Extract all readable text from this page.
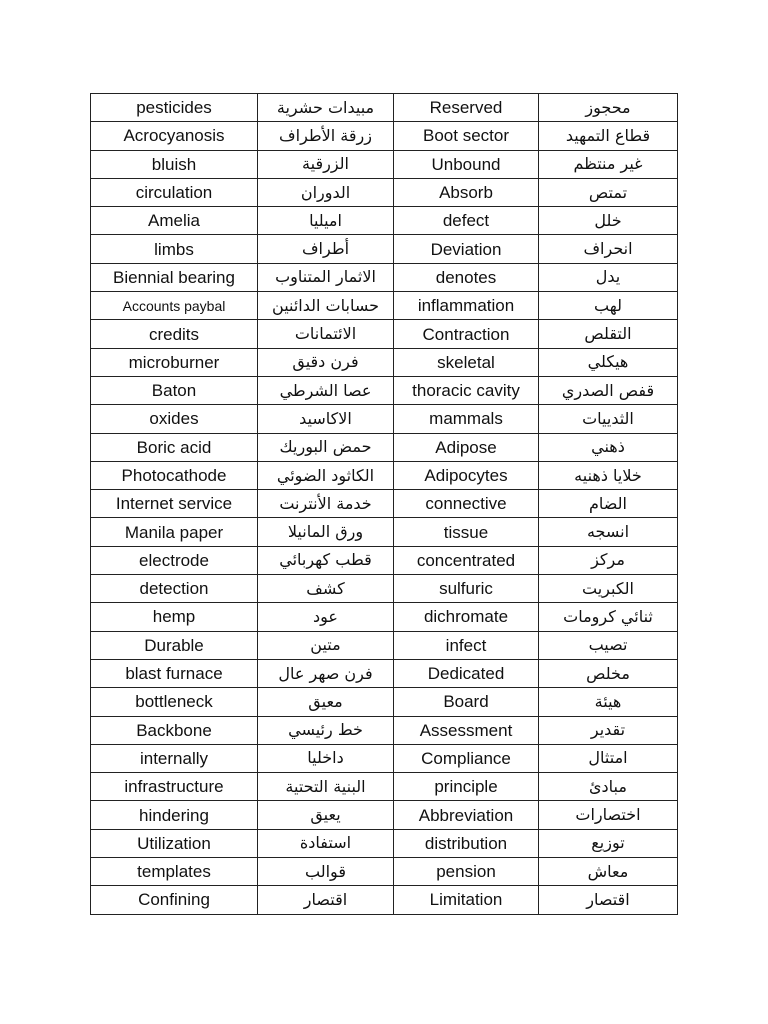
pesticides	مبيدات حشرية	Reserved	محجوز
Acrocyanosis	زرقة الأطراف	Boot sector	قطاع التمهيد
bluish	الزرقية	Unbound	غير منتظم
circulation	الدوران	Absorb	تمتص
Amelia	اميليا	defect	خلل
limbs	أطراف	Deviation	انحراف
Biennial bearing	الاثمار المتناوب	denotes	يدل
Accounts paybal	حسابات الدائنين	inflammation	لهب
credits	الائتمانات	Contraction	التقلص
microburner	فرن دقيق	skeletal	هيكلي
Baton	عصا الشرطي	thoracic cavity	قفص الصدري
oxides	الاكاسيد	mammals	الثدييات
Boric acid	حمض البوريك	Adipose	ذهني
Photocathode	الكاثود الضوئي	Adipocytes	خلايا ذهنيه
Internet service	خدمة الأنترنت	connective	الضام
Manila paper	ورق المانيلا	tissue	انسجه
electrode	قطب كهربائي	concentrated	مركز
detection	كشف	sulfuric	الكبريت
hemp	عود	dichromate	ثنائي كرومات
Durable	متين	infect	تصيب
blast furnace	فرن صهر عال	Dedicated	مخلص
bottleneck	معيق	Board	هيئة
Backbone	خط رئيسي	Assessment	تقدير
internally	داخليا	Compliance	امتثال
infrastructure	البنية التحتية	principle	مبادئ
hindering	يعيق	Abbreviation	اختصارات
Utilization	استفادة	distribution	توزيع
templates	قوالب	pension	معاش
Confining	اقتصار	Limitation	اقتصار
